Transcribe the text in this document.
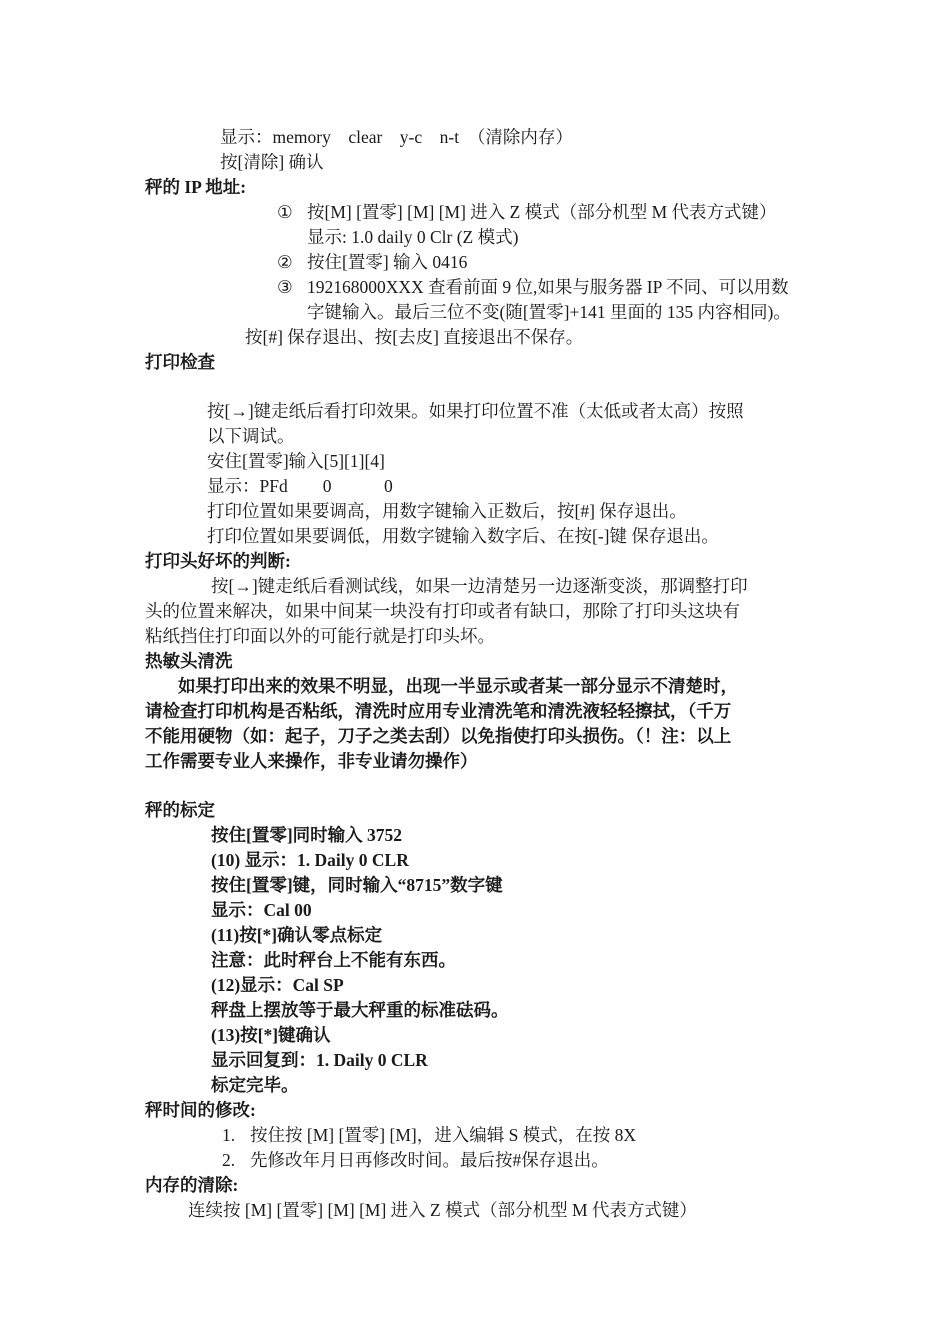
显示：memory　clear　y-c　n-t　（清除内存）
按[清除] 确认
秤的 IP 地址:
① 按[M] [置零] [M] [M] 进入 Z 模式（部分机型 M 代表方式键）
显示: 1.0 daily 0 Clr (Z 模式)
② 按住[置零] 输入 0416
③ 192168000XXX 查看前面 9 位,如果与服务器 IP 不同、可以用数
字键输入。最后三位不变(随[置零]+141 里面的 135 内容相同)。
按[#] 保存退出、按[去皮] 直接退出不保存。
打印检查
按[→]键走纸后看打印效果。如果打印位置不准（太低或者太高）按照
以下调试。
安住[置零]输入[5][1][4]
显示：PFd　　0　　　0
打印位置如果要调高，用数字键输入正数后，按[#] 保存退出。
打印位置如果要调低，用数字键输入数字后、在按[-]键 保存退出。
打印头好坏的判断:
按[→]键走纸后看测试线，如果一边清楚另一边逐渐变淡，那调整打印
头的位置来解决，如果中间某一块没有打印或者有缺口，那除了打印头这块有
粘纸挡住打印面以外的可能行就是打印头坏。
热敏头清洗
如果打印出来的效果不明显，出现一半显示或者某一部分显示不清楚时，
请检查打印机构是否粘纸，清洗时应用专业清洗笔和清洗液轻轻擦拭，（千万
不能用硬物（如：起子，刀子之类去刮）以免指使打印头损伤。（！注：以上
工作需要专业人来操作，非专业请勿操作）
秤的标定
按住[置零]同时输入 3752
(10) 显示：1. Daily 0 CLR
按住[置零]键，同时输入“8715”数字键
显示：Cal 00
(11)按[*]确认零点标定
注意：此时秤台上不能有东西。
(12)显示：Cal SP
秤盘上摆放等于最大秤重的标准砝码。
(13)按[*]键确认
显示回复到：1. Daily 0 CLR
标定完毕。
秤时间的修改:
1. 按住按 [M] [置零] [M]，进入编辑 S 模式，在按 8X
2. 先修改年月日再修改时间。最后按#保存退出。
内存的清除:
连续按 [M] [置零] [M] [M] 进入 Z 模式（部分机型 M 代表方式键）
